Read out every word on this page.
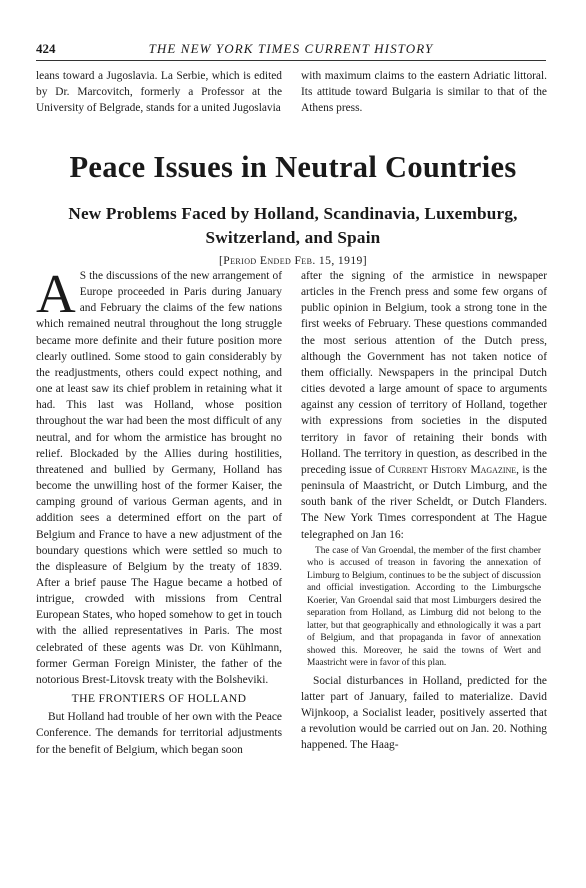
424	THE NEW YORK TIMES CURRENT HISTORY

leans toward a Jugoslavia. La Serbie, which is edited by Dr. Marcovitch, formerly a Professor at the University of Belgrade, stands for a united Jugoslavia

with maximum claims to the eastern Adriatic littoral. Its attitude toward Bulgaria is similar to that of the Athens press.

Peace Issues in Neutral Countries
New Problems Faced by Holland, Scandinavia, Luxemburg,
Switzerland, and Spain
[Period Ended Feb. 15, 1919]

A S the discussions of the new arrangement of Europe proceeded in Paris during January and February the claims of the few nations which remained neutral throughout the long struggle became more definite and their future position more clearly outlined. Some stood to gain considerably by the readjustments, others could expect nothing, and one at least saw its chief problem in retaining what it had. This last was Holland, whose position throughout the war had been the most difficult of any neutral, and for whom the armistice has brought no relief. Blockaded by the Allies during hostilities, threatened and bullied by Germany, Holland has become the unwilling host of the former Kaiser, the camping ground of various German agents, and in addition sees a determined effort on the part of Belgium and France to have a new adjustment of the boundary questions which were settled so much to the displeasure of Belgium by the treaty of 1839. After a brief pause The Hague became a hotbed of intrigue, crowded with missions from Central European States, who hoped somehow to get in touch with the allied representatives in Paris. The most celebrated of these agents was Dr. von Kühlmann, former German Foreign Minister, the father of the notorious Brest-Litovsk treaty with the Bolsheviki.

THE FRONTIERS OF HOLLAND

But Holland had trouble of her own with the Peace Conference. The demands for territorial adjustments for the benefit of Belgium, which began soon

after the signing of the armistice in newspaper articles in the French press and some few organs of public opinion in Belgium, took a strong tone in the first weeks of February. These questions commanded the most serious attention of the Dutch press, although the Government has not taken notice of them officially. Newspapers in the principal Dutch cities devoted a large amount of space to arguments against any cession of territory of Holland, together with expressions from societies in the disputed territory in favor of retaining their bonds with Holland. The territory in question, as described in the preceding issue of Current History Magazine, is the peninsula of Maastricht, or Dutch Limburg, and the south bank of the river Scheldt, or Dutch Flanders. The New York Times correspondent at The Hague telegraphed on Jan 16:

The case of Van Groendal, the member of the first chamber who is accused of treason in favoring the annexation of Limburg to Belgium, continues to be the subject of discussion and official investigation. According to the Limburgsche Koerier, Van Groendal said that most Limburgers desired the separation from Holland, as Limburg did not belong to the latter, but that geographically and ethnologically it was a part of Belgium, and that propaganda in favor of annexation showed this. Moreover, he said the towns of Wert and Maastricht were in favor of this plan.

Social disturbances in Holland, predicted for the latter part of January, failed to materialize. David Wijnkoop, a Socialist leader, positively asserted that a revolution would be carried out on Jan. 20. Nothing happened. The Haag-
